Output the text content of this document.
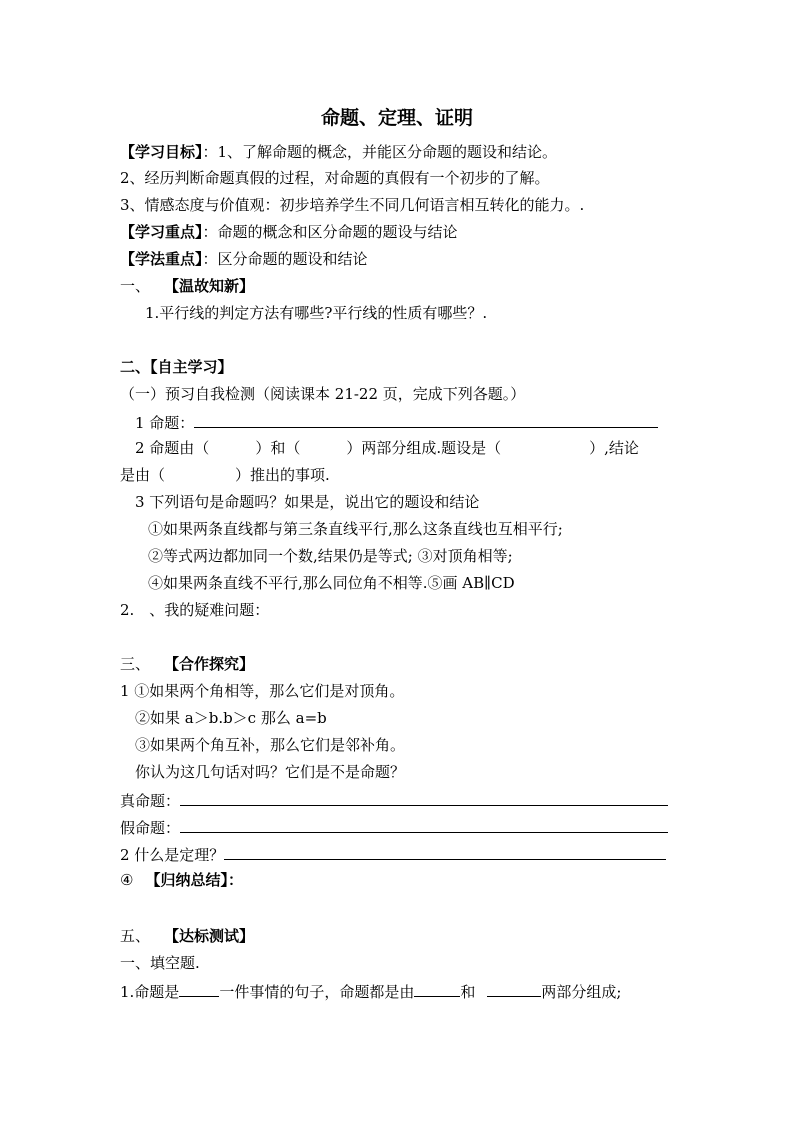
命题、定理、证明
【学习目标】：1、了解命题的概念，并能区分命题的题设和结论。
2、经历判断命题真假的过程，对命题的真假有一个初步的了解。
3、情感态度与价值观：初步培养学生不同几何语言相互转化的能力。.
【学习重点】：命题的概念和区分命题的题设与结论
【学法重点】：区分命题的题设和结论
一、 【温故知新】
1.平行线的判定方法有哪些?平行线的性质有哪些？.
二、【自主学习】
（一）预习自我检测（阅读课本 21-22 页，完成下列各题。）
1 命题：
2 命题由（	）和（	）两部分组成.题设是（	）,结论
是由（	）推出的事项.
3 下列语句是命题吗？如果是，说出它的题设和结论
①如果两条直线都与第三条直线平行,那么这条直线也互相平行;
②等式两边都加同一个数,结果仍是等式; ③对顶角相等;
④如果两条直线不平行,那么同位角不相等.⑤画 AB∥CD
2.　、我的疑难问题：
三、 【合作探究】
1 ①如果两个角相等，那么它们是对顶角。
②如果 a＞b.b＞c 那么 a=b
③如果两个角互补，那么它们是邻补角。
你认为这几句话对吗？它们是不是命题？
真命题：
假命题：
2 什么是定理？
④ 【归纳总结】：
五、 【达标测试】
一、填空题.
1.命题是	一件事情的句子，命题都是由	和	两部分组成;
